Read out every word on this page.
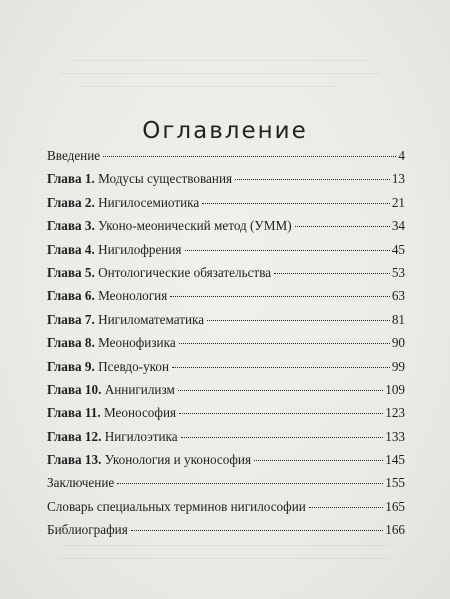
Оглавление
Введение	4
Глава 1. Модусы существования	13
Глава 2. Нигилосемиотика	21
Глава 3. Уконо-меонический метод (УММ)	34
Глава 4. Нигилофрения	45
Глава 5. Онтологические обязательства	53
Глава 6. Меонология	63
Глава 7. Нигиломатематика	81
Глава 8. Меонофизика	90
Глава 9. Псевдо-укон	99
Глава 10. Аннигилизм	109
Глава 11. Меонософия	123
Глава 12. Нигилоэтика	133
Глава 13. Уконология и уконософия	145
Заключение	155
Словарь специальных терминов нигилософии	165
Библиография	166
